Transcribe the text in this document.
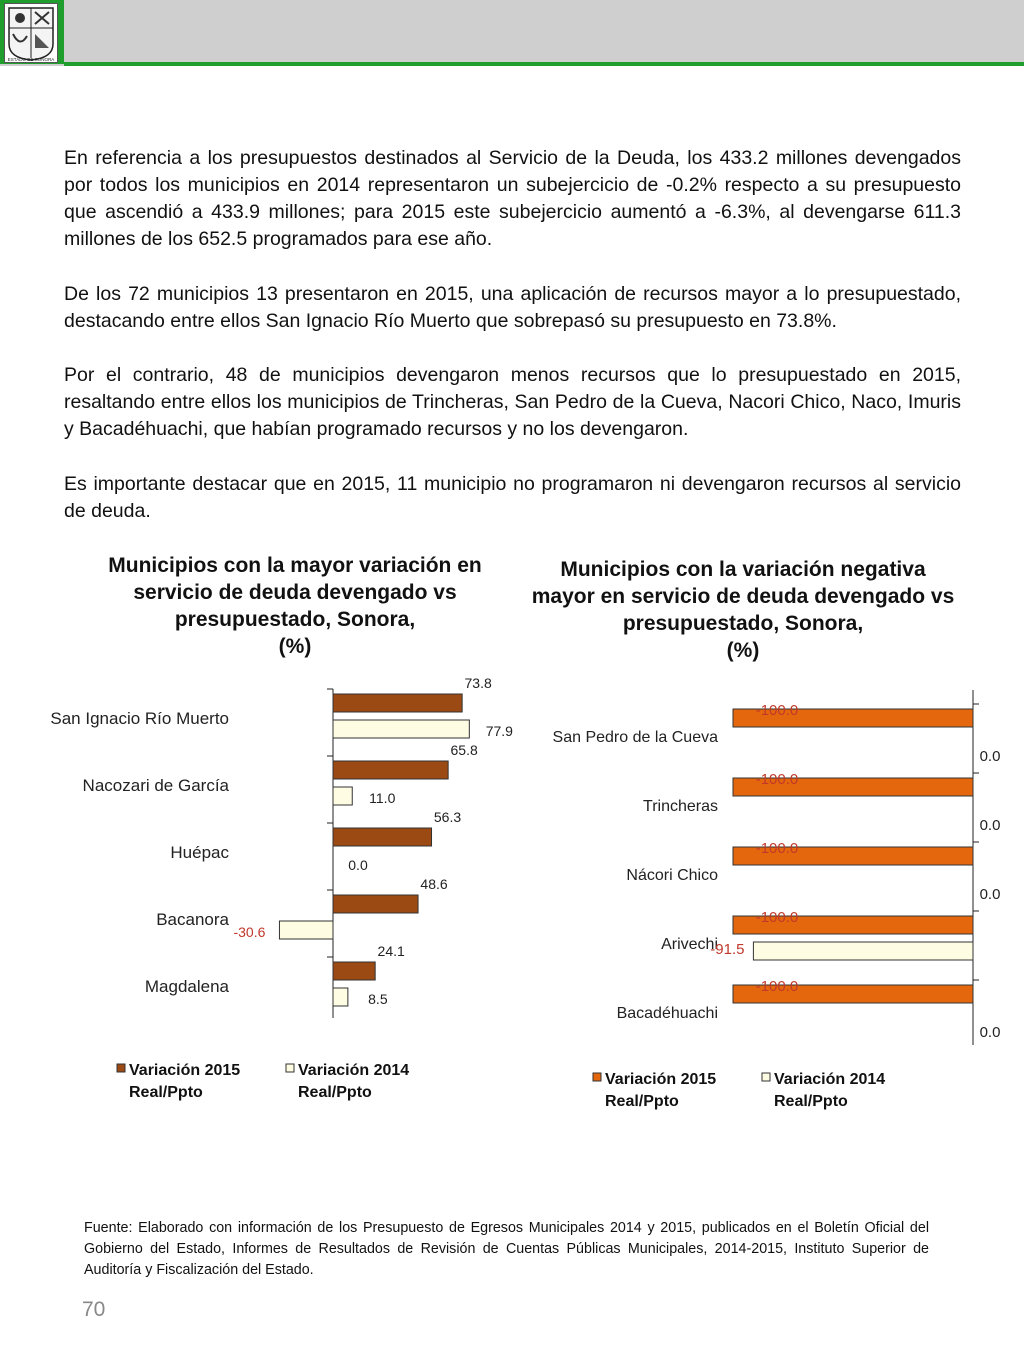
ESTADO DE SONORA
En referencia a los presupuestos destinados al Servicio de la Deuda, los 433.2 millones devengados por todos los municipios en 2014 representaron un subejercicio de -0.2% respecto a su presupuesto que ascendió a 433.9 millones; para 2015 este subejercicio aumentó a -6.3%, al devengarse 611.3 millones de los 652.5 programados para ese año.
De los 72 municipios 13 presentaron en 2015, una aplicación de recursos mayor a lo presupuestado, destacando entre ellos San Ignacio Río Muerto que sobrepasó su presupuesto en 73.8%.
Por el contrario, 48 de municipios devengaron menos recursos que lo presupuestado en 2015, resaltando entre ellos los municipios de Trincheras, San Pedro de la Cueva, Nacori Chico, Naco, Imuris y Bacadéhuachi, que habían programado recursos y no los devengaron.
Es importante destacar que en 2015, 11 municipio no programaron ni devengaron recursos al servicio de deuda.
Municipios con la mayor variación en servicio de deuda devengado vs presupuestado, Sonora,
(%)
Municipios con la variación negativa mayor en servicio de deuda devengado vs presupuestado, Sonora,
(%)
San Ignacio Río Muerto
73.8
77.9
Nacozari de García
65.8
11.0
Huépac
56.3
0.0
Bacanora
48.6
-30.6
Magdalena
24.1
8.5
Variación 2015
Real/Ppto
Variación 2014
Real/Ppto
San Pedro de la Cueva
-100.0
0.0
Trincheras
-100.0
0.0
Nácori Chico
-100.0
0.0
Arivechi
-100.0
-91.5
Bacadéhuachi
-100.0
0.0
Variación 2015
Real/Ppto
Variación 2014
Real/Ppto
Fuente: Elaborado con información de los Presupuesto de Egresos Municipales 2014 y 2015, publicados en el Boletín Oficial del Gobierno del Estado, Informes de Resultados de Revisión de Cuentas Públicas Municipales, 2014-2015, Instituto Superior de Auditoría y Fiscalización del Estado.
70
